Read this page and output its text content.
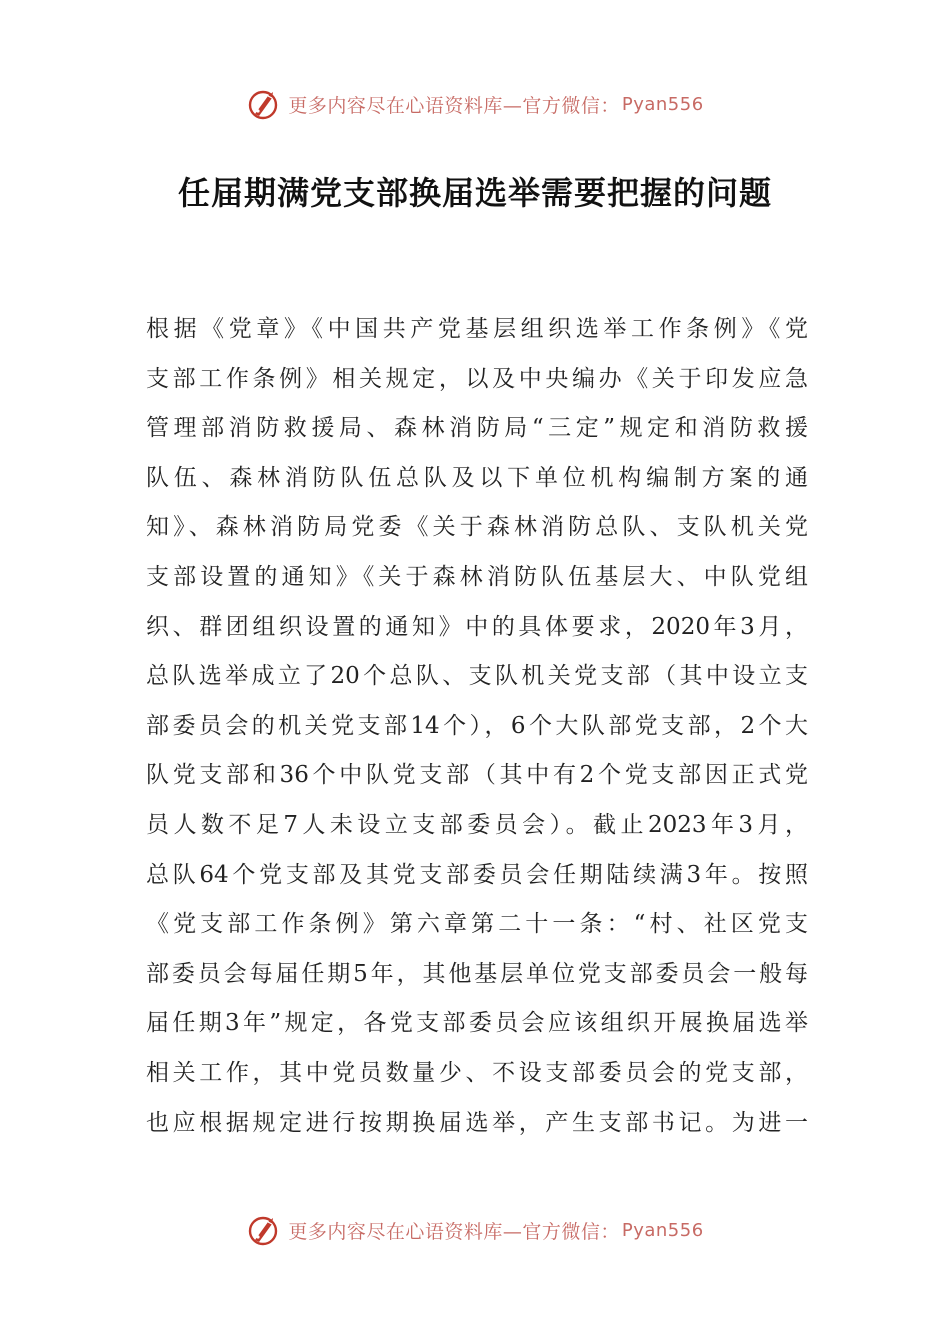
更多内容尽在心语资料库—官方微信： Pyan556
任届期满党支部换届选举需要把握的问题
根据《党章》《中国共产党基层组织选举工作条例》《党
支部工作条例》相关规定，以及中央编办《关于印发应急
管理部消防救援局、森林消防局“三定”规定和消防救援
队伍、森林消防队伍总队及以下单位机构编制方案的通
知》、森林消防局党委《关于森林消防总队、支队机关党
支部设置的通知》《关于森林消防队伍基层大、中队党组
织、群团组织设置的通知》中的具体要求，2020年3月，
总队选举成立了20个总队、支队机关党支部（其中设立支
部委员会的机关党支部14个），6个大队部党支部，2个大
队党支部和36个中队党支部（其中有2个党支部因正式党
员人数不足7人未设立支部委员会）。截止2023年3月，
总队64个党支部及其党支部委员会任期陆续满3年。按照
《党支部工作条例》第六章第二十一条：“村、社区党支
部委员会每届任期5年，其他基层单位党支部委员会一般每
届任期3年”规定，各党支部委员会应该组织开展换届选举
相关工作，其中党员数量少、不设支部委员会的党支部，
也应根据规定进行按期换届选举，产生支部书记。为进一
更多内容尽在心语资料库—官方微信： Pyan556
